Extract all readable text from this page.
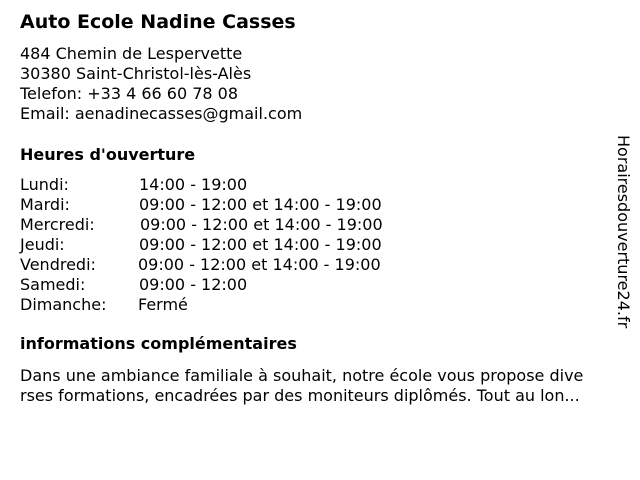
Auto Ecole Nadine Casses
484 Chemin de Lespervette
30380 Saint-Christol-lès-Alès
Telefon: +33 4 66 60 78 08
Email: aenadinecasses@gmail.com
Heures d'ouverture
Lundi:	14:00 - 19:00
Mardi:	09:00 - 12:00 et 14:00 - 19:00
Mercredi:	09:00 - 12:00 et 14:00 - 19:00
Jeudi:	09:00 - 12:00 et 14:00 - 19:00
Vendredi:	09:00 - 12:00 et 14:00 - 19:00
Samedi:	09:00 - 12:00
Dimanche: Fermé
informations complémentaires
Dans une ambiance familiale à souhait, notre école vous propose dive
rses formations, encadrées par des moniteurs diplômés. Tout au lon...
Horairesdouverture24.fr
